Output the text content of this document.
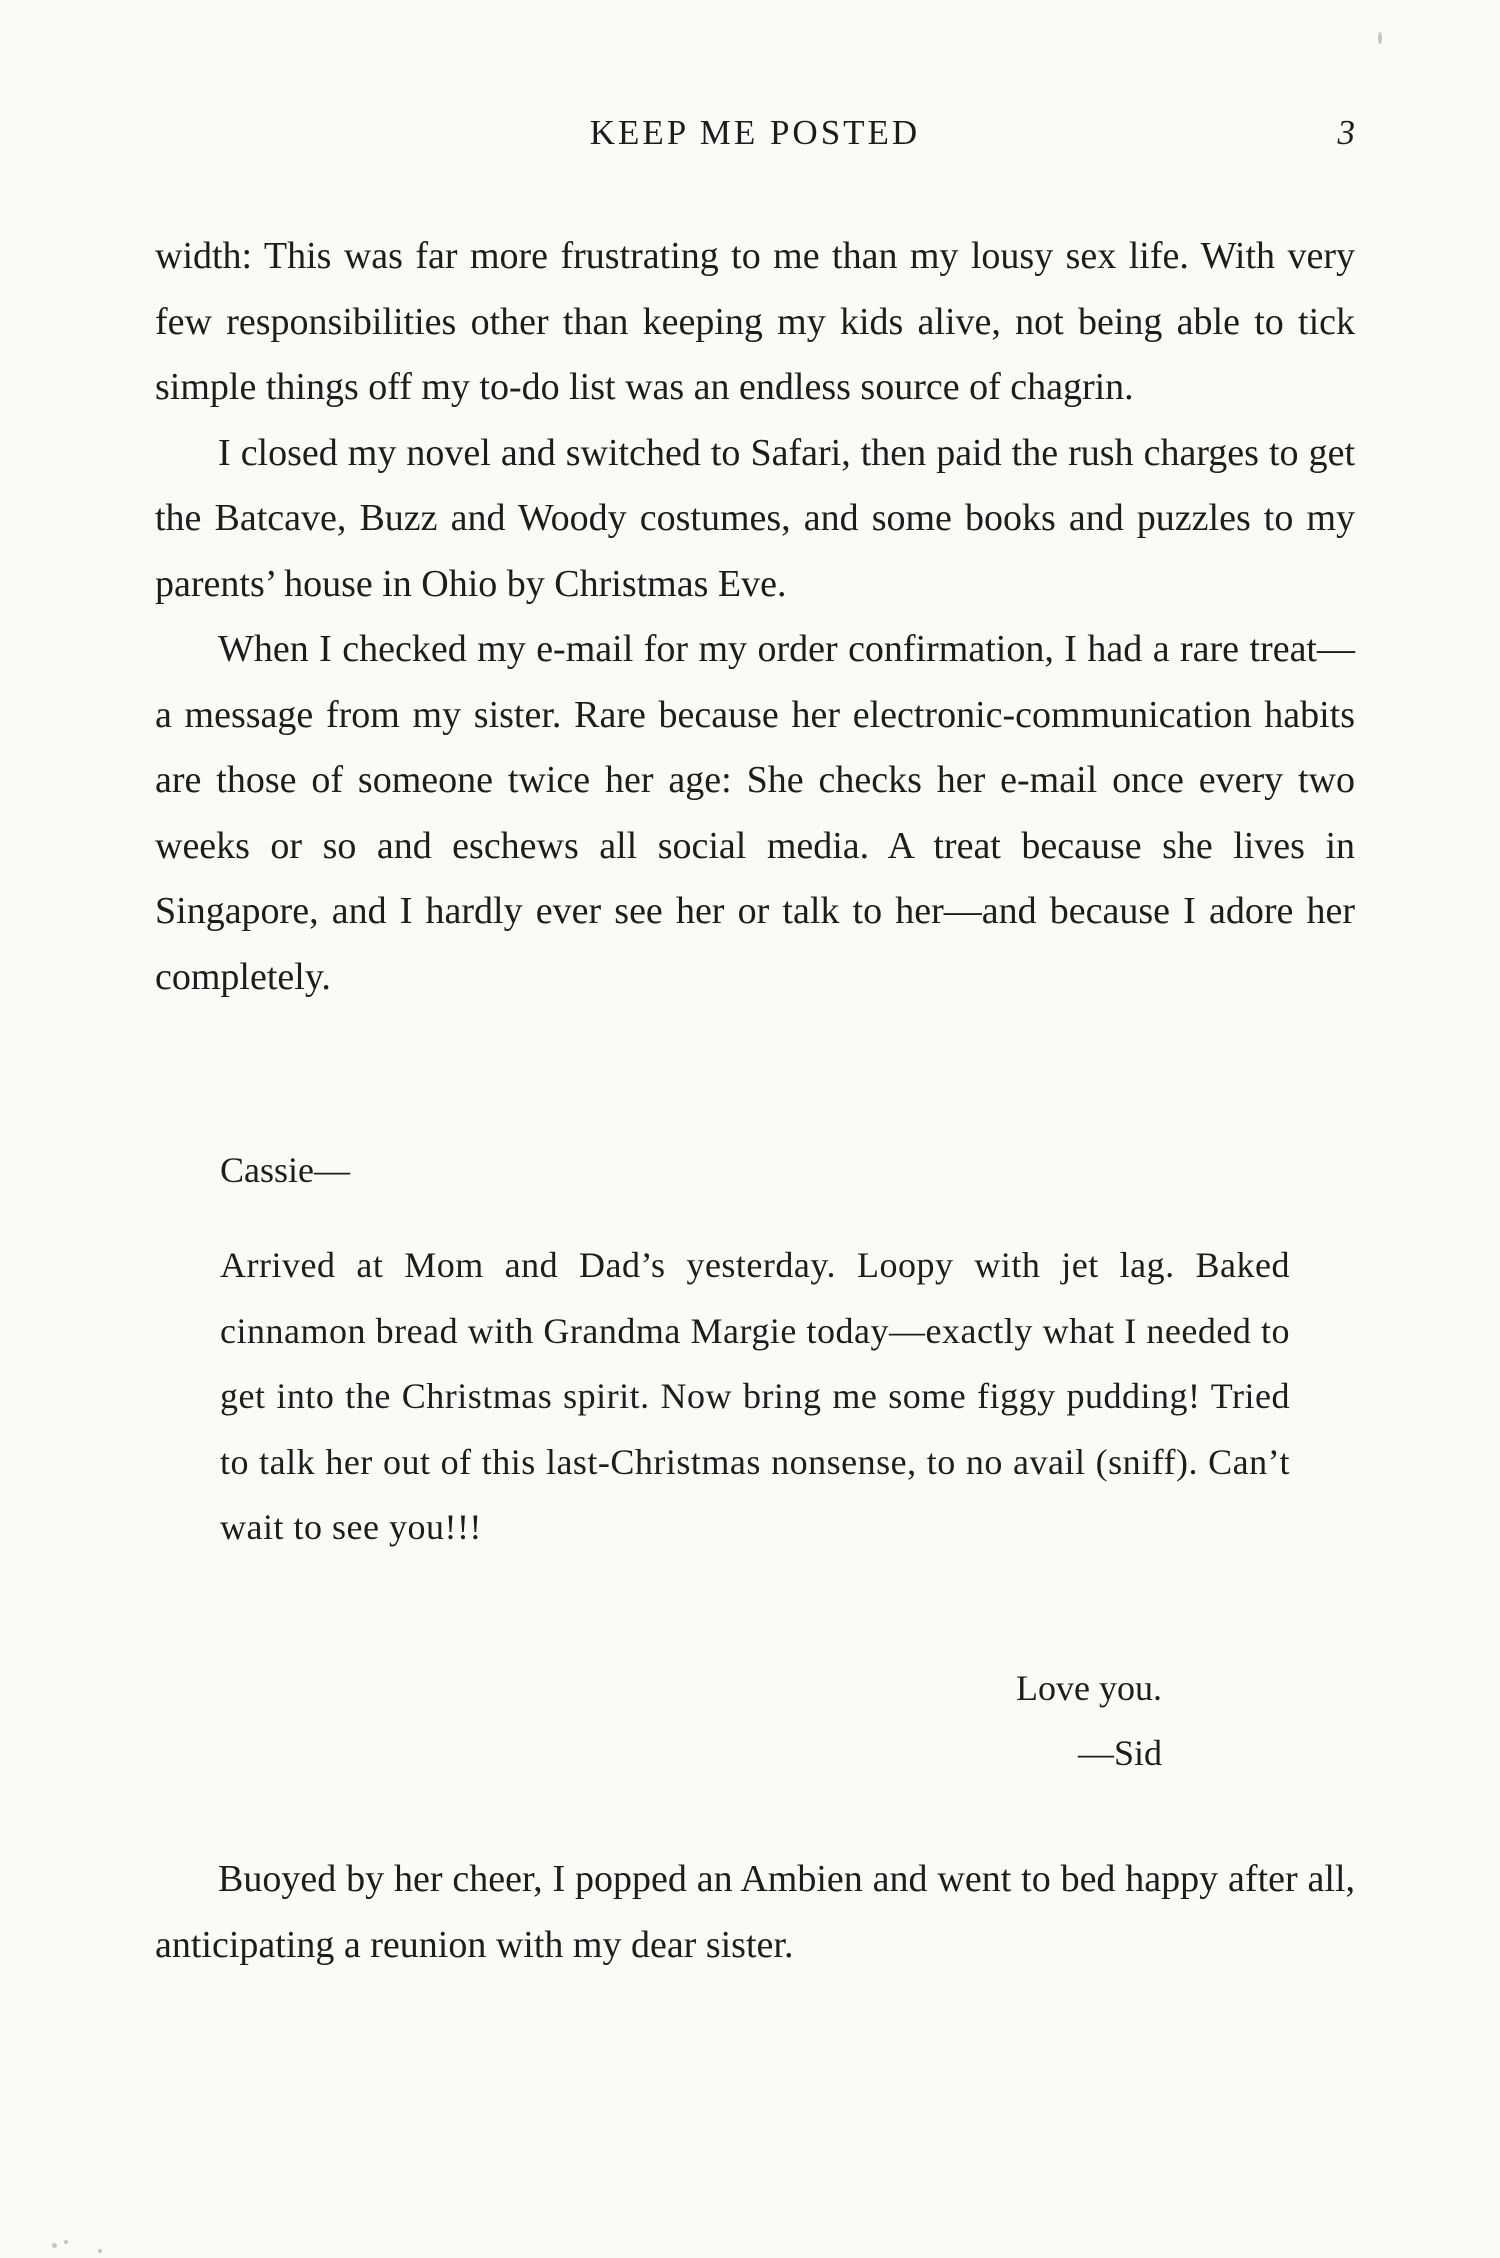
KEEP ME POSTED	3

width: This was far more frustrating to me than my lousy sex life. With very few responsibilities other than keeping my kids alive, not being able to tick simple things off my to-do list was an endless source of chagrin.

I closed my novel and switched to Safari, then paid the rush charges to get the Batcave, Buzz and Woody costumes, and some books and puzzles to my parents’ house in Ohio by Christmas Eve.

When I checked my e-mail for my order confirmation, I had a rare treat—a message from my sister. Rare because her electronic-communication habits are those of someone twice her age: She checks her e-mail once every two weeks or so and eschews all social media. A treat because she lives in Singapore, and I hardly ever see her or talk to her—and because I adore her completely.

Cassie—

Arrived at Mom and Dad’s yesterday. Loopy with jet lag. Baked cinnamon bread with Grandma Margie today—exactly what I needed to get into the Christmas spirit. Now bring me some figgy pudding! Tried to talk her out of this last-Christmas nonsense, to no avail (sniff). Can’t wait to see you!!!

Love you.
—Sid

Buoyed by her cheer, I popped an Ambien and went to bed happy after all, anticipating a reunion with my dear sister.
